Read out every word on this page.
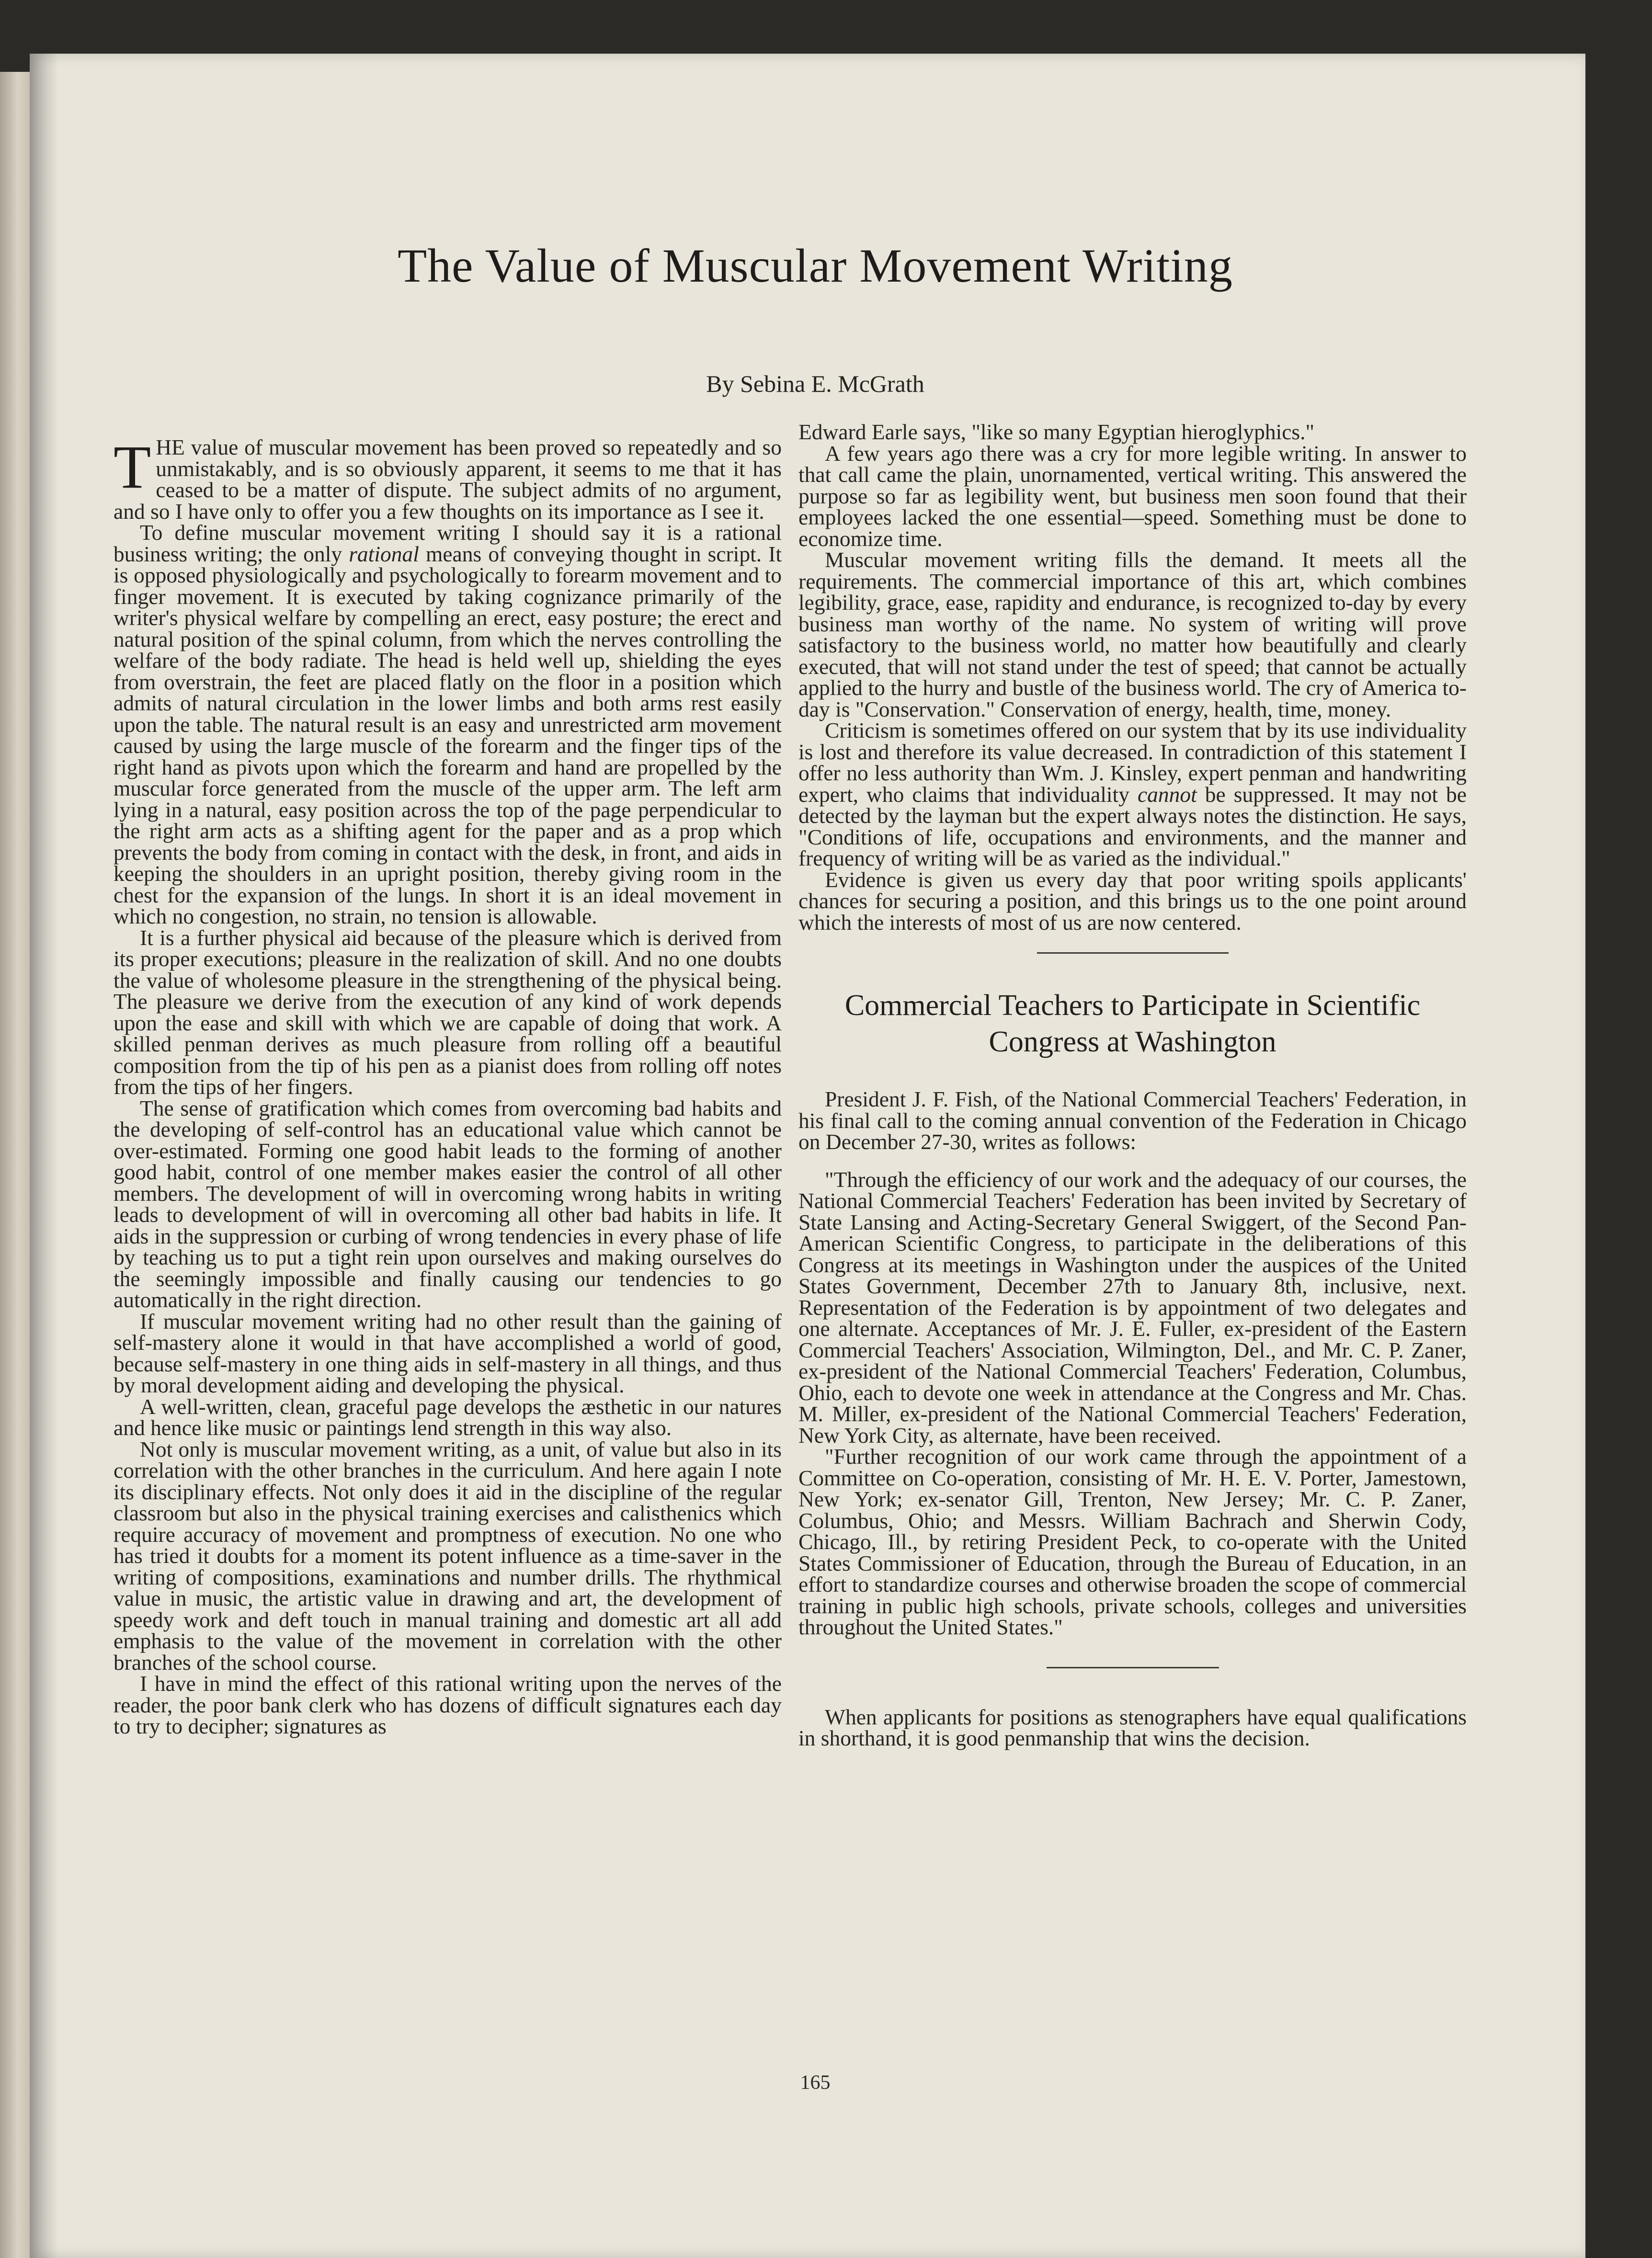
The Value of Muscular Movement Writing
By Sebina E. McGrath

THE value of muscular movement has been proved so repeatedly and so unmistakably, and is so obviously apparent, it seems to me that it has ceased to be a matter of dispute. The subject admits of no argument, and so I have only to offer you a few thoughts on its importance as I see it.

To define muscular movement writing I should say it is a rational business writing; the only rational means of conveying thought in script. It is opposed physiologically and psychologically to forearm movement and to finger movement. It is executed by taking cognizance primarily of the writer's physical welfare by compelling an erect, easy posture; the erect and natural position of the spinal column, from which the nerves controlling the welfare of the body radiate. The head is held well up, shielding the eyes from overstrain, the feet are placed flatly on the floor in a position which admits of natural circulation in the lower limbs and both arms rest easily upon the table. The natural result is an easy and unrestricted arm movement caused by using the large muscle of the forearm and the finger tips of the right hand as pivots upon which the forearm and hand are propelled by the muscular force generated from the muscle of the upper arm. The left arm lying in a natural, easy position across the top of the page perpendicular to the right arm acts as a shifting agent for the paper and as a prop which prevents the body from coming in contact with the desk, in front, and aids in keeping the shoulders in an upright position, thereby giving room in the chest for the expansion of the lungs. In short it is an ideal movement in which no congestion, no strain, no tension is allowable.

It is a further physical aid because of the pleasure which is derived from its proper executions; pleasure in the realization of skill. And no one doubts the value of wholesome pleasure in the strengthening of the physical being. The pleasure we derive from the execution of any kind of work depends upon the ease and skill with which we are capable of doing that work. A skilled penman derives as much pleasure from rolling off a beautiful composition from the tip of his pen as a pianist does from rolling off notes from the tips of her fingers.

The sense of gratification which comes from overcoming bad habits and the developing of self-control has an educational value which cannot be over-estimated. Forming one good habit leads to the forming of another good habit, control of one member makes easier the control of all other members. The development of will in overcoming wrong habits in writing leads to development of will in overcoming all other bad habits in life. It aids in the suppression or curbing of wrong tendencies in every phase of life by teaching us to put a tight rein upon ourselves and making ourselves do the seemingly impossible and finally causing our tendencies to go automatically in the right direction.

If muscular movement writing had no other result than the gaining of self-mastery alone it would in that have accomplished a world of good, because self-mastery in one thing aids in self-mastery in all things, and thus by moral development aiding and developing the physical.

A well-written, clean, graceful page develops the æsthetic in our natures and hence like music or paintings lend strength in this way also.

Not only is muscular movement writing, as a unit, of value but also in its correlation with the other branches in the curriculum. And here again I note its disciplinary effects. Not only does it aid in the discipline of the regular classroom but also in the physical training exercises and calisthenics which require accuracy of movement and promptness of execution. No one who has tried it doubts for a moment its potent influence as a time-saver in the writing of compositions, examinations and number drills. The rhythmical value in music, the artistic value in drawing and art, the development of speedy work and deft touch in manual training and domestic art all add emphasis to the value of the movement in correlation with the other branches of the school course.

I have in mind the effect of this rational writing upon the nerves of the reader, the poor bank clerk who has dozens of difficult signatures each day to try to decipher; signatures as

Edward Earle says, "like so many Egyptian hieroglyphics."

A few years ago there was a cry for more legible writing. In answer to that call came the plain, unornamented, vertical writing. This answered the purpose so far as legibility went, but business men soon found that their employees lacked the one essential—speed. Something must be done to economize time.

Muscular movement writing fills the demand. It meets all the requirements. The commercial importance of this art, which combines legibility, grace, ease, rapidity and endurance, is recognized to-day by every business man worthy of the name. No system of writing will prove satisfactory to the business world, no matter how beautifully and clearly executed, that will not stand under the test of speed; that cannot be actually applied to the hurry and bustle of the business world. The cry of America to-day is "Conservation." Conservation of energy, health, time, money.

Criticism is sometimes offered on our system that by its use individuality is lost and therefore its value decreased. In contradiction of this statement I offer no less authority than Wm. J. Kinsley, expert penman and handwriting expert, who claims that individuality cannot be suppressed. It may not be detected by the layman but the expert always notes the distinction. He says, "Conditions of life, occupations and environments, and the manner and frequency of writing will be as varied as the individual."

Evidence is given us every day that poor writing spoils applicants' chances for securing a position, and this brings us to the one point around which the interests of most of us are now centered.

Commercial Teachers to Participate in Scientific Congress at Washington

President J. F. Fish, of the National Commercial Teachers' Federation, in his final call to the coming annual convention of the Federation in Chicago on December 27-30, writes as follows:

"Through the efficiency of our work and the adequacy of our courses, the National Commercial Teachers' Federation has been invited by Secretary of State Lansing and Acting-Secretary General Swiggert, of the Second Pan-American Scientific Congress, to participate in the deliberations of this Congress at its meetings in Washington under the auspices of the United States Government, December 27th to January 8th, inclusive, next. Representation of the Federation is by appointment of two delegates and one alternate. Acceptances of Mr. J. E. Fuller, ex-president of the Eastern Commercial Teachers' Association, Wilmington, Del., and Mr. C. P. Zaner, ex-president of the National Commercial Teachers' Federation, Columbus, Ohio, each to devote one week in attendance at the Congress and Mr. Chas. M. Miller, ex-president of the National Commercial Teachers' Federation, New York City, as alternate, have been received.

"Further recognition of our work came through the appointment of a Committee on Co-operation, consisting of Mr. H. E. V. Porter, Jamestown, New York; ex-senator Gill, Trenton, New Jersey; Mr. C. P. Zaner, Columbus, Ohio; and Messrs. William Bachrach and Sherwin Cody, Chicago, Ill., by retiring President Peck, to co-operate with the United States Commissioner of Education, through the Bureau of Education, in an effort to standardize courses and otherwise broaden the scope of commercial training in public high schools, private schools, colleges and universities throughout the United States."

When applicants for positions as stenographers have equal qualifications in shorthand, it is good penmanship that wins the decision.

165
